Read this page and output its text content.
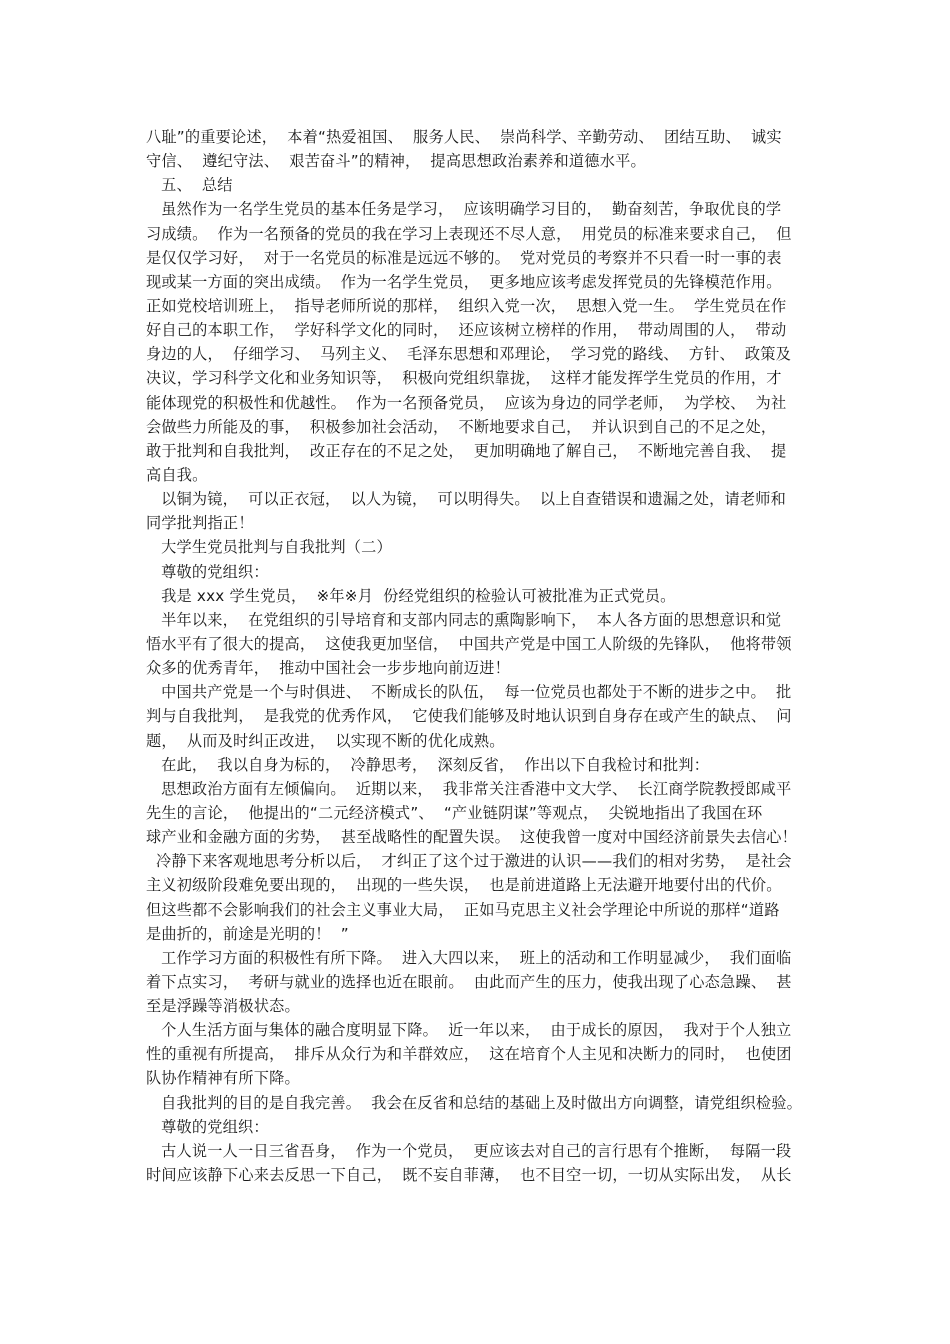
八耻”的重要论述，  本着“热爱祖国、  服务人民、  崇尚科学、辛勤劳动、  团结互助、  诚实
守信、  遵纪守法、  艰苦奋斗”的精神，  提高思想政治素养和道德水平。
五、  总结
虽然作为一名学生党员的基本任务是学习，  应该明确学习目的，  勤奋刻苦，争取优良的学
习成绩。  作为一名预备的党员的我在学习上表现还不尽人意，  用党员的标准来要求自己，  但
是仅仅学习好，  对于一名党员的标准是远远不够的。  党对党员的考察并不只看一时一事的表
现或某一方面的突出成绩。  作为一名学生党员，  更多地应该考虑发挥党员的先锋模范作用。
正如党校培训班上，  指导老师所说的那样，  组织入党一次，  思想入党一生。  学生党员在作
好自己的本职工作，  学好科学文化的同时，  还应该树立榜样的作用，  带动周围的人，  带动
身边的人，  仔细学习、  马列主义、  毛泽东思想和邓理论，  学习党的路线、  方针、  政策及
决议，学习科学文化和业务知识等，  积极向党组织靠拢，  这样才能发挥学生党员的作用，才
能体现党的积极性和优越性。  作为一名预备党员，  应该为身边的同学老师，  为学校、  为社
会做些力所能及的事，  积极参加社会活动，  不断地要求自己，  并认识到自己的不足之处，
敢于批判和自我批判，  改正存在的不足之处，  更加明确地了解自己，  不断地完善自我、  提
高自我。
以铜为镜，  可以正衣冠，  以人为镜，  可以明得失。  以上自查错误和遗漏之处，请老师和
同学批判指正！
大学生党员批判与自我批判（二）
尊敬的党组织：
我是 xxx 学生党员，  ※年※月  份经党组织的检验认可被批准为正式党员。
半年以来，  在党组织的引导培育和支部内同志的熏陶影响下，  本人各方面的思想意识和觉
悟水平有了很大的提高，  这使我更加坚信，  中国共产党是中国工人阶级的先锋队，  他将带领
众多的优秀青年，  推动中国社会一步步地向前迈进！
中国共产党是一个与时俱进、  不断成长的队伍，  每一位党员也都处于不断的进步之中。  批
判与自我批判，  是我党的优秀作风，  它使我们能够及时地认识到自身存在或产生的缺点、  问
题，  从而及时纠正改进，  以实现不断的优化成熟。
在此，  我以自身为标的，  冷静思考，  深刻反省，  作出以下自我检讨和批判：
思想政治方面有左倾偏向。  近期以来，  我非常关注香港中文大学、  长江商学院教授郎咸平
先生的言论，  他提出的“二元经济模式”、  “产业链阴谋”等观点，  尖锐地指出了我国在环
球产业和金融方面的劣势，  甚至战略性的配置失误。  这使我曾一度对中国经济前景失去信心！
冷静下来客观地思考分析以后，  才纠正了这个过于激进的认识——我们的相对劣势，  是社会
主义初级阶段难免要出现的，  出现的一些失误，  也是前进道路上无法避开地要付出的代价。
但这些都不会影响我们的社会主义事业大局，  正如马克思主义社会学理论中所说的那样“道路
是曲折的，前途是光明的！  ”
工作学习方面的积极性有所下降。  进入大四以来，  班上的活动和工作明显减少，  我们面临
着下点实习，  考研与就业的选择也近在眼前。  由此而产生的压力，使我出现了心态急躁、  甚
至是浮躁等消极状态。
个人生活方面与集体的融合度明显下降。  近一年以来，  由于成长的原因，  我对于个人独立
性的重视有所提高，  排斥从众行为和羊群效应，  这在培育个人主见和决断力的同时，  也使团
队协作精神有所下降。
自我批判的目的是自我完善。  我会在反省和总结的基础上及时做出方向调整，请党组织检验。
尊敬的党组织：
古人说一人一日三省吾身，  作为一个党员，  更应该去对自己的言行思有个推断，  每隔一段
时间应该静下心来去反思一下自己，  既不妄自菲薄，  也不目空一切，一切从实际出发，  从长
